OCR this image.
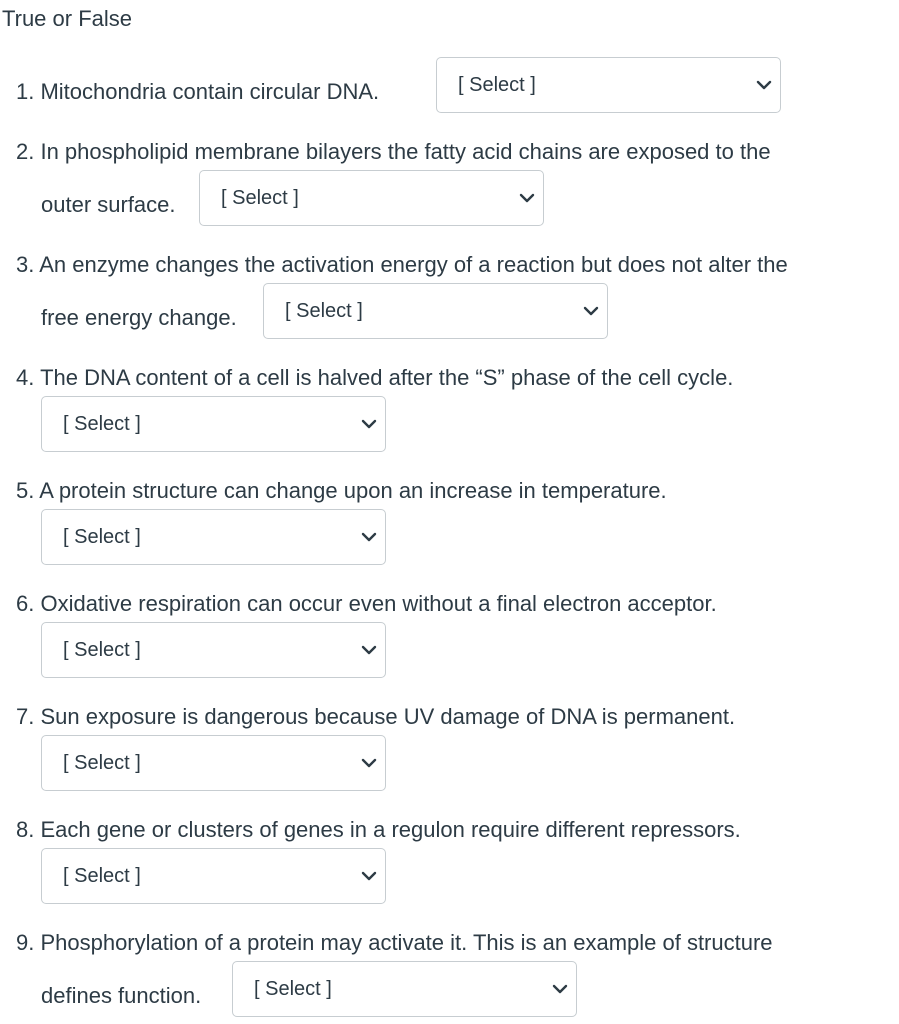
True or False
1. Mitochondria contain circular DNA.	[ Select ]
2. In phospholipid membrane bilayers the fatty acid chains are exposed to the
outer surface. [ Select ]
3. An enzyme changes the activation energy of a reaction but does not alter the
free energy change. [ Select ]
4. The DNA content of a cell is halved after the “S” phase of the cell cycle.
[ Select ]
5. A protein structure can change upon an increase in temperature.
[ Select ]
6. Oxidative respiration can occur even without a final electron acceptor.
[ Select ]
7. Sun exposure is dangerous because UV damage of DNA is permanent.
[ Select ]
8. Each gene or clusters of genes in a regulon require different repressors.
[ Select ]
9. Phosphorylation of a protein may activate it. This is an example of structure
defines function.	[ Select ]
